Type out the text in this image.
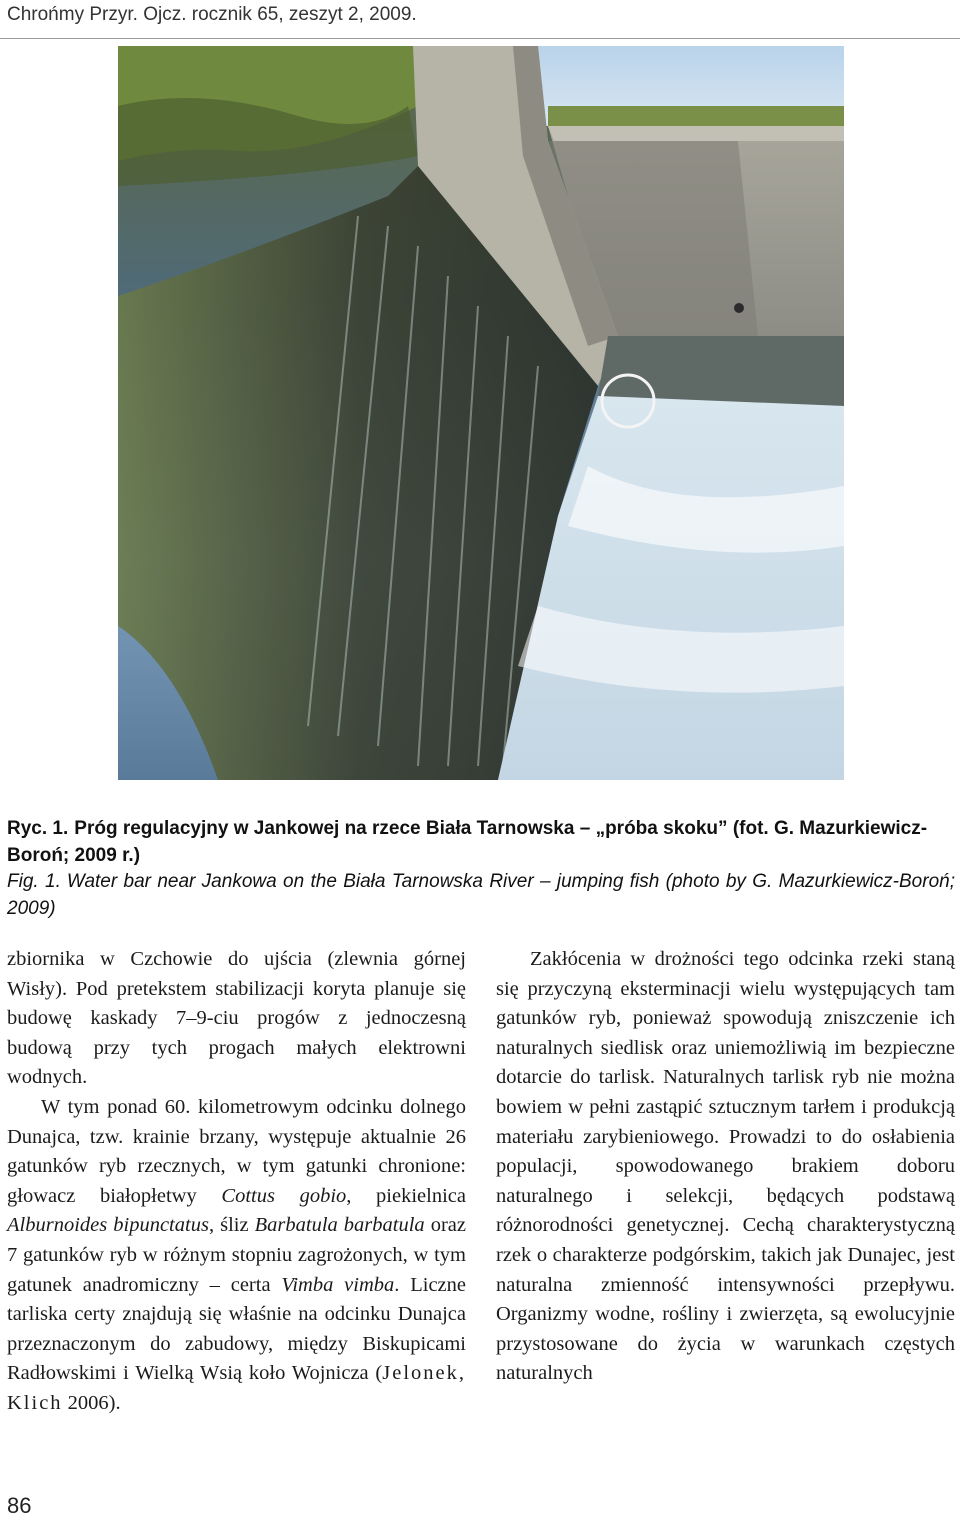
Chrońmy Przyr. Ojcz. rocznik 65, zeszyt 2, 2009.
Ryc. 1. Próg regulacyjny w Jankowej na rzece Biała Tarnowska – „próba skoku” (fot. G. Mazurkiewicz-Boroń; 2009 r.)
Fig. 1. Water bar near Jankowa on the Biała Tarnowska River – jumping fish (photo by G. Mazurkiewicz-Boroń; 2009)

zbiornika w Czchowie do ujścia (zlewnia górnej Wisły). Pod pretekstem stabilizacji koryta planuje się budowę kaskady 7–9-ciu progów z jednoczesną budową przy tych progach małych elektrowni wodnych.

W tym ponad 60. kilometrowym odcinku dolnego Dunajca, tzw. krainie brzany, występuje aktualnie 26 gatunków ryb rzecznych, w tym gatunki chronione: głowacz białopłetwy Cottus gobio, piekielnica Alburnoides bipunctatus, śliz Barbatula barbatula oraz 7 gatunków ryb w różnym stopniu zagrożonych, w tym gatunek anadromiczny – certa Vimba vimba. Liczne tarliska certy znajdują się właśnie na odcinku Dunajca przeznaczonym do zabudowy, między Biskupicami Radłowskimi i Wielką Wsią koło Wojnicza (Jelonek, Klich 2006).

Zakłócenia w drożności tego odcinka rzeki staną się przyczyną eksterminacji wielu występujących tam gatunków ryb, ponieważ spowodują zniszczenie ich naturalnych siedlisk oraz uniemożliwią im bezpieczne dotarcie do tarlisk. Naturalnych tarlisk ryb nie można bowiem w pełni zastąpić sztucznym tarłem i produkcją materiału zarybieniowego. Prowadzi to do osłabienia populacji, spowodowanego brakiem doboru naturalnego i selekcji, będących podstawą różnorodności genetycznej. Cechą charakterystyczną rzek o charakterze podgórskim, takich jak Dunajec, jest naturalna zmienność intensywności przepływu. Organizmy wodne, rośliny i zwierzęta, są ewolucyjnie przystosowane do życia w warunkach częstych naturalnych

86
